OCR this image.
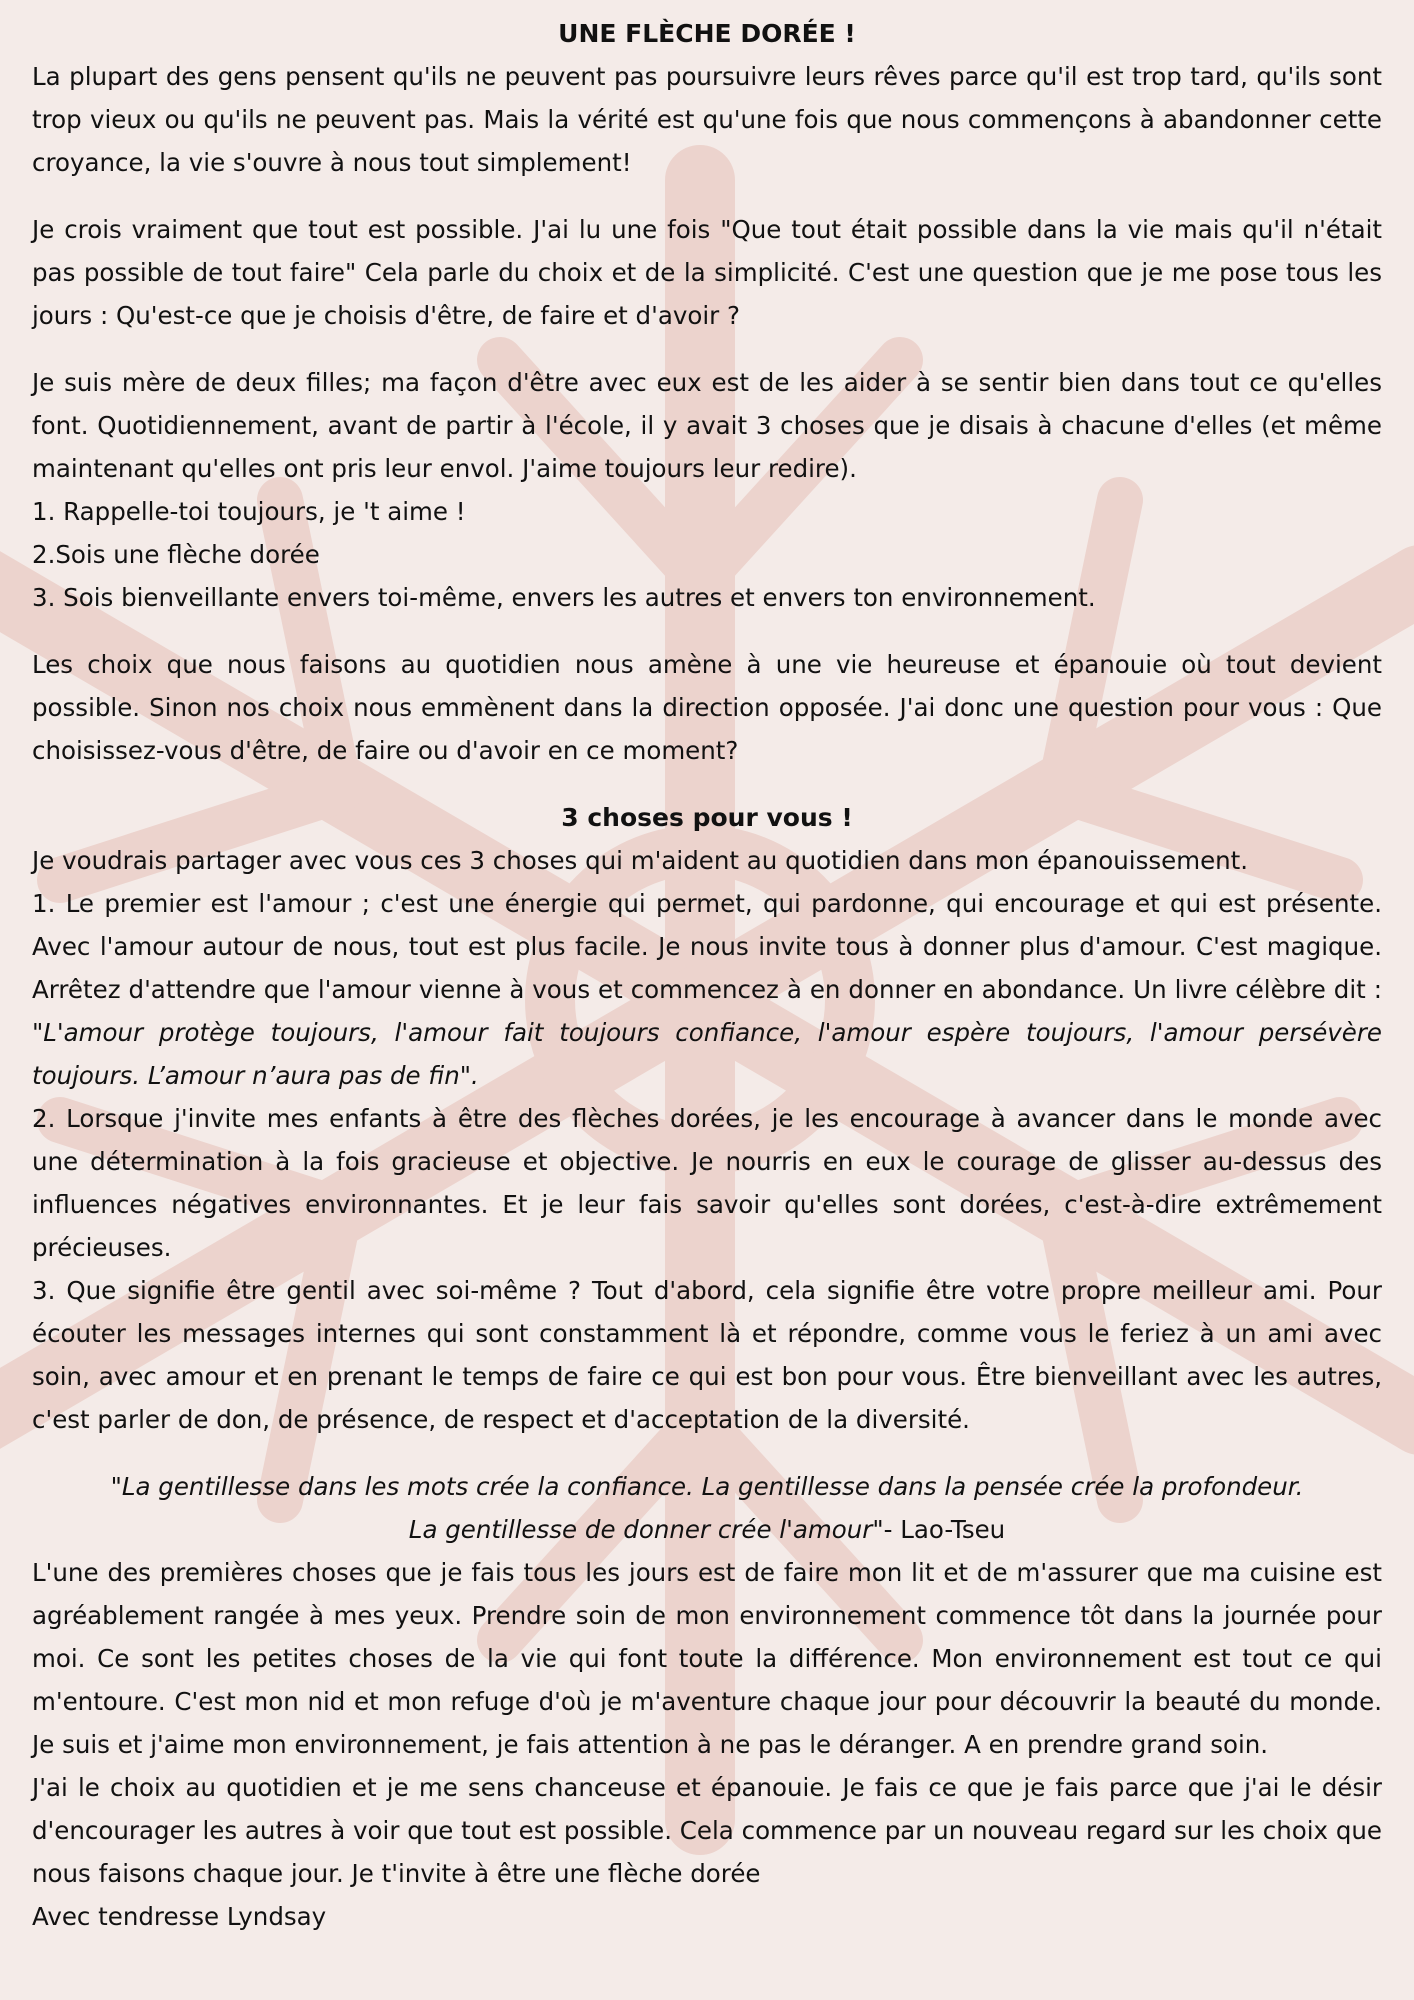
UNE FLÈCHE DORÉE !

La plupart des gens pensent qu'ils ne peuvent pas poursuivre leurs rêves parce qu'il est trop tard, qu'ils sont trop vieux ou qu'ils ne peuvent pas. Mais la vérité est qu'une fois que nous commençons à abandonner cette croyance, la vie s'ouvre à nous tout simplement!

Je crois vraiment que tout est possible. J'ai lu une fois "Que tout était possible dans la vie mais qu'il n'était pas possible de tout faire" Cela parle du choix et de la simplicité. C'est une question que je me pose tous les jours : Qu'est-ce que je choisis d'être, de faire et d'avoir ?

Je suis mère de deux filles; ma façon d'être avec eux est de les aider à se sentir bien dans tout ce qu'elles font. Quotidiennement, avant de partir à l'école, il y avait 3 choses que je disais à chacune d'elles (et même maintenant qu'elles ont pris leur envol. J'aime toujours leur redire).

1. Rappelle-toi toujours, je 't aime !

2.Sois une flèche dorée

3. Sois bienveillante envers toi-même, envers les autres et envers ton environnement.

Les choix que nous faisons au quotidien nous amène à une vie heureuse et épanouie où tout devient possible. Sinon nos choix nous emmènent dans la direction opposée. J'ai donc une question pour vous : Que choisissez-vous d'être, de faire ou d'avoir en ce moment?

3 choses pour vous !

Je voudrais partager avec vous ces 3 choses qui m'aident au quotidien dans mon épanouissement.

1. Le premier est l'amour ; c'est une énergie qui permet, qui pardonne, qui encourage et qui est présente. Avec l'amour autour de nous, tout est plus facile. Je nous invite tous à donner plus d'amour. C'est magique. Arrêtez d'attendre que l'amour vienne à vous et commencez à en donner en abondance. Un livre célèbre dit : "L'amour protège toujours, l'amour fait toujours confiance, l'amour espère toujours, l'amour persévère toujours. L’amour n’aura pas de fin".

2. Lorsque j'invite mes enfants à être des flèches dorées, je les encourage à avancer dans le monde avec une détermination à la fois gracieuse et objective. Je nourris en eux le courage de glisser au-dessus des influences négatives environnantes. Et je leur fais savoir qu'elles sont dorées, c'est-à-dire extrêmement précieuses.

3. Que signifie être gentil avec soi-même ? Tout d'abord, cela signifie être votre propre meilleur ami. Pour écouter les messages internes qui sont constamment là et répondre, comme vous le feriez à un ami avec soin, avec amour et en prenant le temps de faire ce qui est bon pour vous. Être bienveillant avec les autres, c'est parler de don, de présence, de respect et d'acceptation de la diversité.

"La gentillesse dans les mots crée la confiance. La gentillesse dans la pensée crée la profondeur.
La gentillesse de donner crée l'amour"- Lao-Tseu

L'une des premières choses que je fais tous les jours est de faire mon lit et de m'assurer que ma cuisine est agréablement rangée à mes yeux. Prendre soin de mon environnement commence tôt dans la journée pour moi. Ce sont les petites choses de la vie qui font toute la différence. Mon environnement est tout ce qui m'entoure. C'est mon nid et mon refuge d'où je m'aventure chaque jour pour découvrir la beauté du monde. Je suis et j'aime mon environnement, je fais attention à ne pas le déranger. A en prendre grand soin.

J'ai le choix au quotidien et je me sens chanceuse et épanouie. Je fais ce que je fais parce que j'ai le désir d'encourager les autres à voir que tout est possible. Cela commence par un nouveau regard sur les choix que nous faisons chaque jour. Je t'invite à être une flèche dorée

Avec tendresse Lyndsay
